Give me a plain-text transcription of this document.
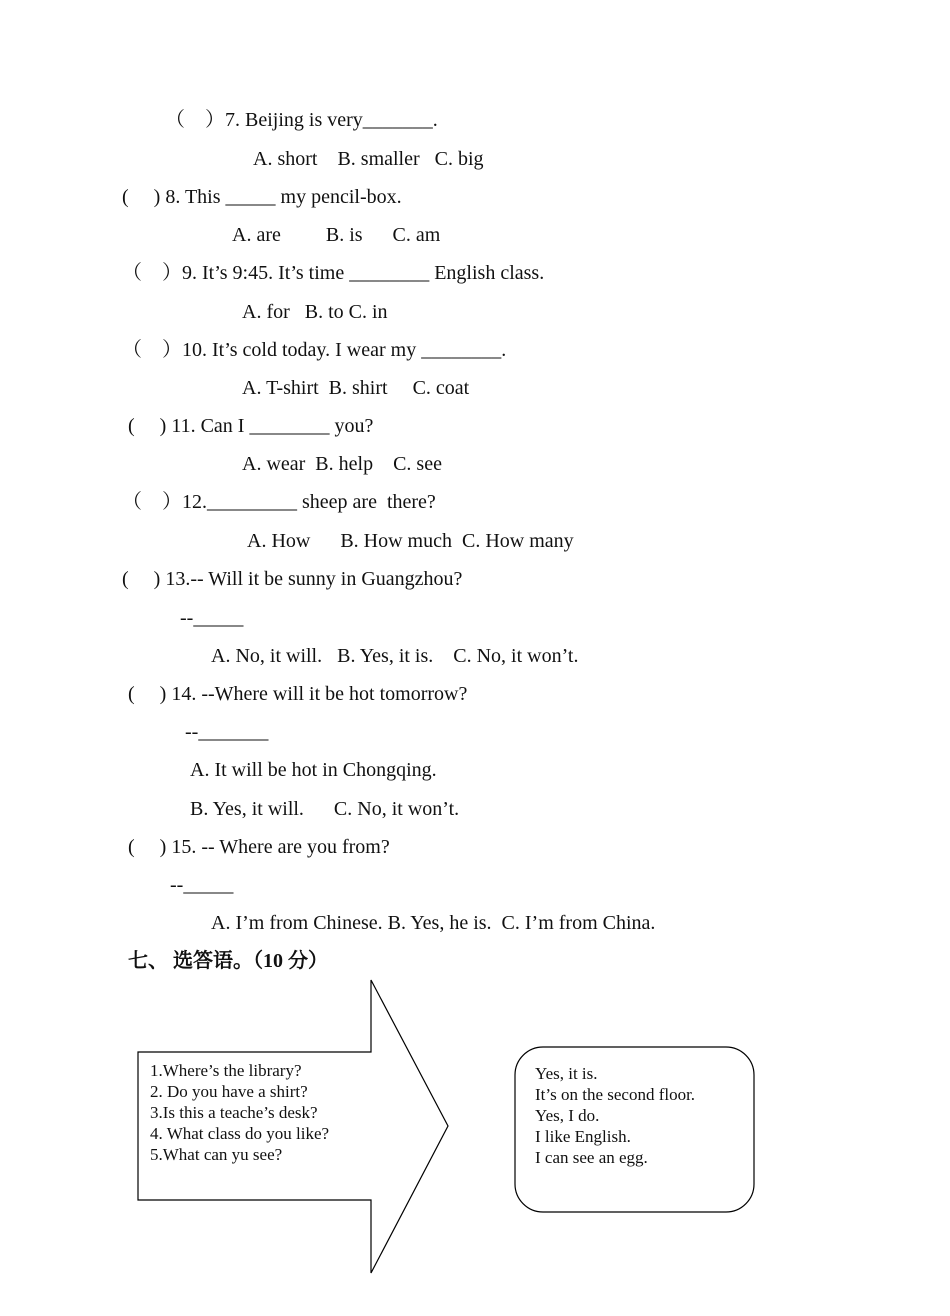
（　）7. Beijing is very_______.
A. short    B. smaller   C. big
(     ) 8. This _____ my pencil-box.
A. are         B. is      C. am
（　）9. It’s 9:45. It’s time ________ English class.
A. for   B. to C. in
（　）10. It’s cold today. I wear my ________.
A. T-shirt  B. shirt     C. coat
(     ) 11. Can I ________ you?
A. wear  B. help    C. see
（　）12._________ sheep are  there?
A. How      B. How much  C. How many
(     ) 13.-- Will it be sunny in Guangzhou?
--_____
A. No, it will.   B. Yes, it is.    C. No, it won’t.
(     ) 14. --Where will it be hot tomorrow?
--_______
A. It will be hot in Chongqing.
B. Yes, it will.      C. No, it won’t.
(     ) 15. -- Where are you from?
--_____
A. I’m from Chinese. B. Yes, he is.  C. I’m from China.
七、 选答语。（10 分）
1.Where’s the library?
2. Do you have a shirt?
3.Is this a teache’s desk?
4. What class do you like?
5.What can yu see?
Yes, it is.
It’s on the second floor.
Yes, I do.
I like English.
I can see an egg.
